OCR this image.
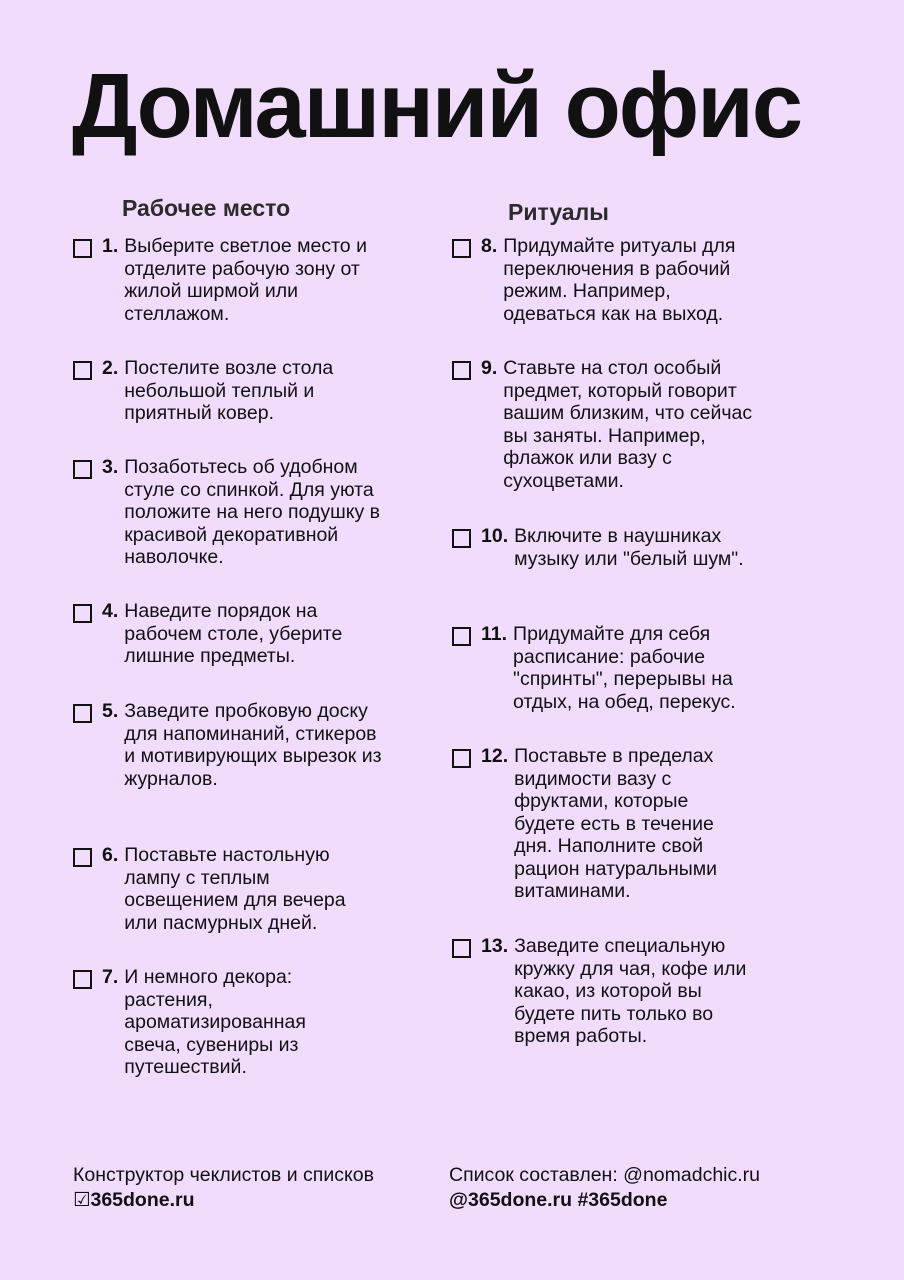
Домашний офис
Рабочее место	Ритуалы
1. Выберите светлое место и отделите рабочую зону от жилой ширмой или стеллажом.
2. Постелите возле стола небольшой теплый и приятный ковер.
3. Позаботьтесь об удобном стуле со спинкой. Для уюта положите на него подушку в красивой декоративной наволочке.
4. Наведите порядок на рабочем столе, уберите лишние предметы.
5. Заведите пробковую доску для напоминаний, стикеров и мотивирующих вырезок из журналов.
6. Поставьте настольную лампу с теплым освещением для вечера или пасмурных дней.
7. И немного декора: растения, ароматизированная свеча, сувениры из путешествий.
8. Придумайте ритуалы для переключения в рабочий режим. Например, одеваться как на выход.
9. Ставьте на стол особый предмет, который говорит вашим близким, что сейчас вы заняты. Например, флажок или вазу с сухоцветами.
10. Включите в наушниках музыку или "белый шум".
11. Придумайте для себя расписание: рабочие "спринты", перерывы на отдых, на обед, перекус.
12. Поставьте в пределах видимости вазу с фруктами, которые будете есть в течение дня. Наполните свой рацион натуральными витаминами.
13. Заведите специальную кружку для чая, кофе или какао, из которой вы будете пить только во время работы.
Конструктор чеклистов и списков
☑365done.ru
Список составлен: @nomadchic.ru
@365done.ru #365done
